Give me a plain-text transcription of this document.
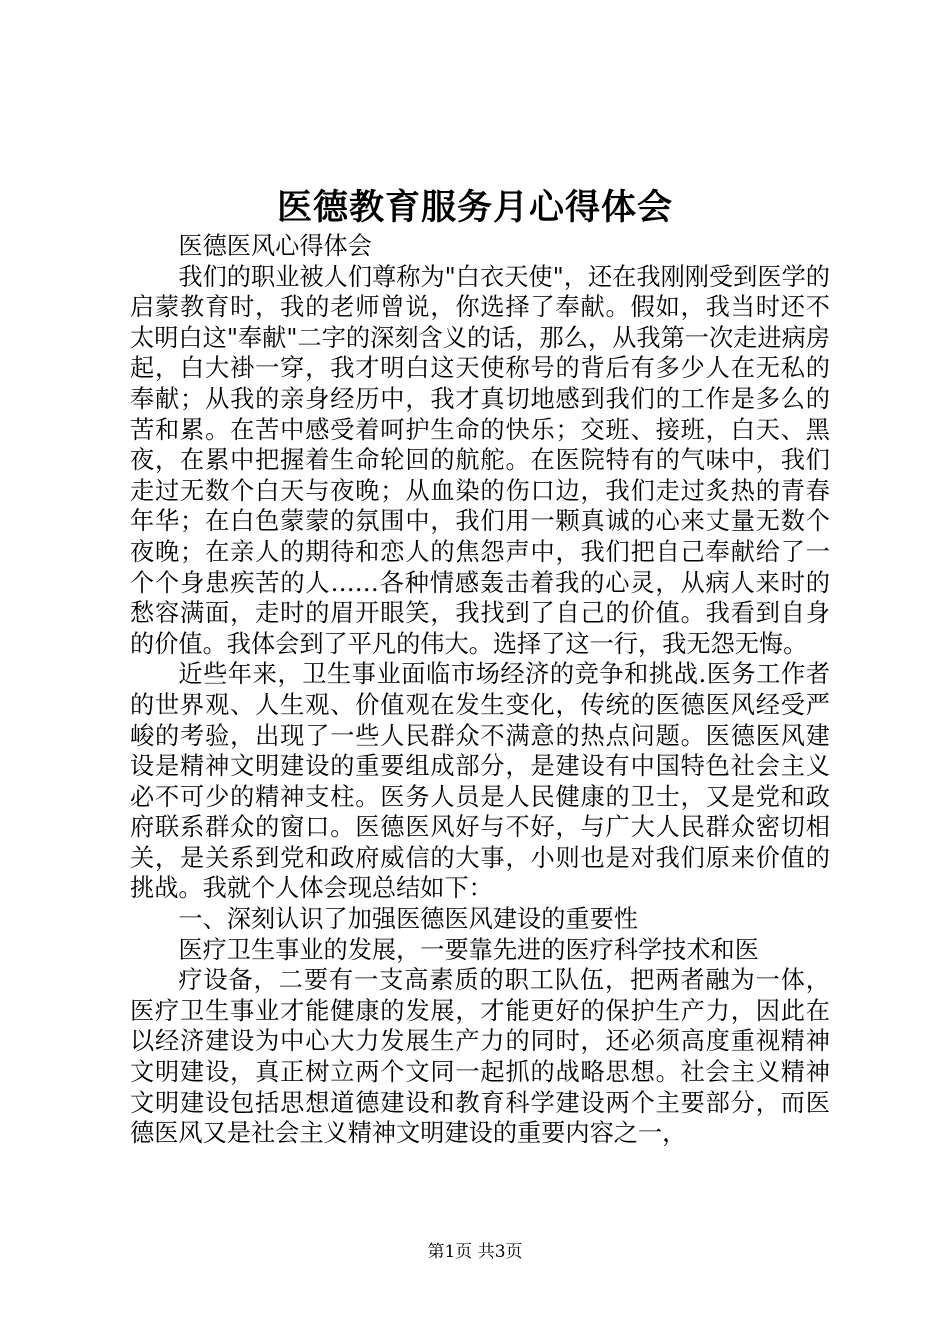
医德教育服务月心得体会

医德医风心得体会

我们的职业被人们尊称为"白衣天使"，还在我刚刚受到医学的启蒙教育时，我的老师曾说，你选择了奉献。假如，我当时还不太明白这"奉献"二字的深刻含义的话，那么，从我第一次走进病房起，白大褂一穿，我才明白这天使称号的背后有多少人在无私的奉献；从我的亲身经历中，我才真切地感到我们的工作是多么的苦和累。在苦中感受着呵护生命的快乐；交班、接班，白天、黑夜，在累中把握着生命轮回的航舵。在医院特有的气味中，我们走过无数个白天与夜晚；从血染的伤口边，我们走过炙热的青春年华；在白色蒙蒙的氛围中，我们用一颗真诚的心来丈量无数个夜晚；在亲人的期待和恋人的焦怨声中，我们把自己奉献给了一个个身患疾苦的人……各种情感轰击着我的心灵，从病人来时的愁容满面，走时的眉开眼笑，我找到了自己的价值。我看到自身的价值。我体会到了平凡的伟大。选择了这一行，我无怨无悔。

近些年来，卫生事业面临市场经济的竞争和挑战.医务工作者的世界观、人生观、价值观在发生变化，传统的医德医风经受严峻的考验，出现了一些人民群众不满意的热点问题。医德医风建设是精神文明建设的重要组成部分，是建设有中国特色社会主义必不可少的精神支柱。医务人员是人民健康的卫士，又是党和政府联系群众的窗口。医德医风好与不好，与广大人民群众密切相关，是关系到党和政府威信的大事，小则也是对我们原来价值的挑战。我就个人体会现总结如下：

一、深刻认识了加强医德医风建设的重要性

医疗卫生事业的发展，一要靠先进的医疗科学技术和医

疗设备，二要有一支高素质的职工队伍，把两者融为一体，医疗卫生事业才能健康的发展，才能更好的保护生产力，因此在以经济建设为中心大力发展生产力的同时，还必须高度重视精神文明建设，真正树立两个文同一起抓的战略思想。社会主义精神文明建设包括思想道德建设和教育科学建设两个主要部分，而医德医风又是社会主义精神文明建设的重要内容之一，

第1页 共3页
